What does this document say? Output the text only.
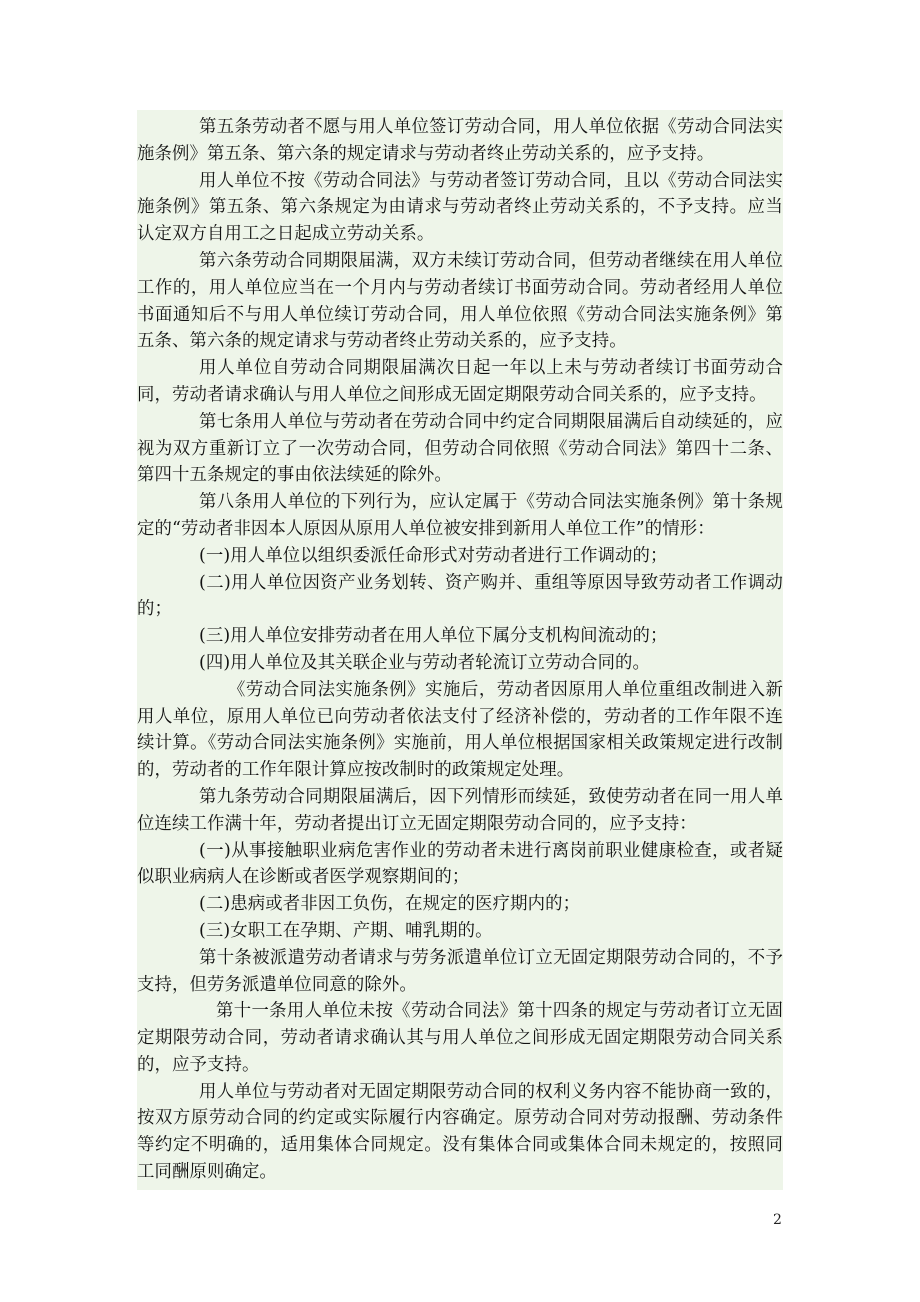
第五条劳动者不愿与用人单位签订劳动合同，用人单位依据《劳动合同法实施条例》第五条、第六条的规定请求与劳动者终止劳动关系的，应予支持。

用人单位不按《劳动合同法》与劳动者签订劳动合同，且以《劳动合同法实施条例》第五条、第六条规定为由请求与劳动者终止劳动关系的，不予支持。应当认定双方自用工之日起成立劳动关系。

第六条劳动合同期限届满，双方未续订劳动合同，但劳动者继续在用人单位工作的，用人单位应当在一个月内与劳动者续订书面劳动合同。劳动者经用人单位书面通知后不与用人单位续订劳动合同，用人单位依照《劳动合同法实施条例》第五条、第六条的规定请求与劳动者终止劳动关系的，应予支持。

用人单位自劳动合同期限届满次日起一年以上未与劳动者续订书面劳动合同，劳动者请求确认与用人单位之间形成无固定期限劳动合同关系的，应予支持。

第七条用人单位与劳动者在劳动合同中约定合同期限届满后自动续延的，应视为双方重新订立了一次劳动合同，但劳动合同依照《劳动合同法》第四十二条、第四十五条规定的事由依法续延的除外。

第八条用人单位的下列行为，应认定属于《劳动合同法实施条例》第十条规定的“劳动者非因本人原因从原用人单位被安排到新用人单位工作”的情形：

(一)用人单位以组织委派任命形式对劳动者进行工作调动的；

(二)用人单位因资产业务划转、资产购并、重组等原因导致劳动者工作调动的；

(三)用人单位安排劳动者在用人单位下属分支机构间流动的；

(四)用人单位及其关联企业与劳动者轮流订立劳动合同的。

《劳动合同法实施条例》实施后，劳动者因原用人单位重组改制进入新用人单位，原用人单位已向劳动者依法支付了经济补偿的，劳动者的工作年限不连续计算。《劳动合同法实施条例》实施前，用人单位根据国家相关政策规定进行改制的，劳动者的工作年限计算应按改制时的政策规定处理。

第九条劳动合同期限届满后，因下列情形而续延，致使劳动者在同一用人单位连续工作满十年，劳动者提出订立无固定期限劳动合同的，应予支持：

(一)从事接触职业病危害作业的劳动者未进行离岗前职业健康检查，或者疑似职业病病人在诊断或者医学观察期间的；

(二)患病或者非因工负伤，在规定的医疗期内的；

(三)女职工在孕期、产期、哺乳期的。

第十条被派遣劳动者请求与劳务派遣单位订立无固定期限劳动合同的，不予支持，但劳务派遣单位同意的除外。

第十一条用人单位未按《劳动合同法》第十四条的规定与劳动者订立无固定期限劳动合同，劳动者请求确认其与用人单位之间形成无固定期限劳动合同关系的，应予支持。

用人单位与劳动者对无固定期限劳动合同的权利义务内容不能协商一致的，按双方原劳动合同的约定或实际履行内容确定。原劳动合同对劳动报酬、劳动条件等约定不明确的，适用集体合同规定。没有集体合同或集体合同未规定的，按照同工同酬原则确定。

2
